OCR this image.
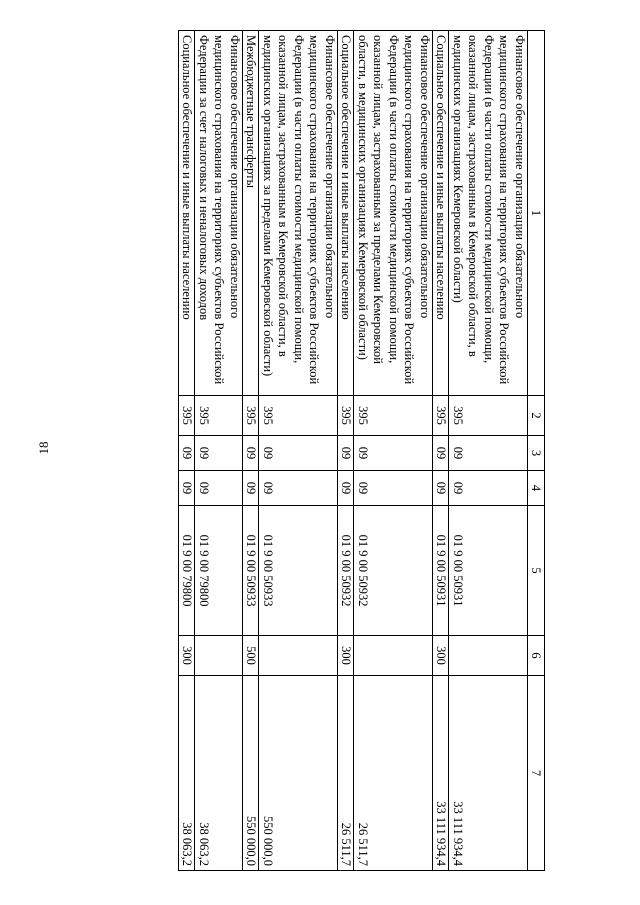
18
1	2	3	4	5	6	7
Финансовое обеспечение организации обязательного медицинского страхования на территориях субъектов Российской Федерации (в части оплаты стоимости медицинской помощи, оказанной лицам, застрахованным в Кемеровской области, в медицинских организациях Кемеровской области)	395	09	09	01 9 00 50931		33 111 934,4
Социальное обеспечение и иные выплаты населению	395	09	09	01 9 00 50931	300	33 111 934,4
Финансовое обеспечение организации обязательного медицинского страхования на территориях субъектов Российской Федерации (в части оплаты стоимости медицинской помощи, оказанной лицам, застрахованным за пределами Кемеровской области, в медицинских организациях Кемеровской области)	395	09	09	01 9 00 50932		26 511,7
Социальное обеспечение и иные выплаты населению	395	09	09	01 9 00 50932	300	26 511,7
Финансовое обеспечение организации обязательного медицинского страхования на территориях субъектов Российской Федерации (в части оплаты стоимости медицинской помощи, оказанной лицам, застрахованным в Кемеровской области, в медицинских организациях за пределами Кемеровской области)	395	09	09	01 9 00 50933		550 000,0
Межбюджетные трансферты	395	09	09	01 9 00 50933	500	550 000,0
Финансовое обеспечение организации обязательного медицинского страхования на территориях субъектов Российской Федерации за счет налоговых и неналоговых доходов	395	09	09	01 9 00 79800		38 063,2
Социальное обеспечение и иные выплаты населению	395	09	09	01 9 00 79800	300	38 063,2
